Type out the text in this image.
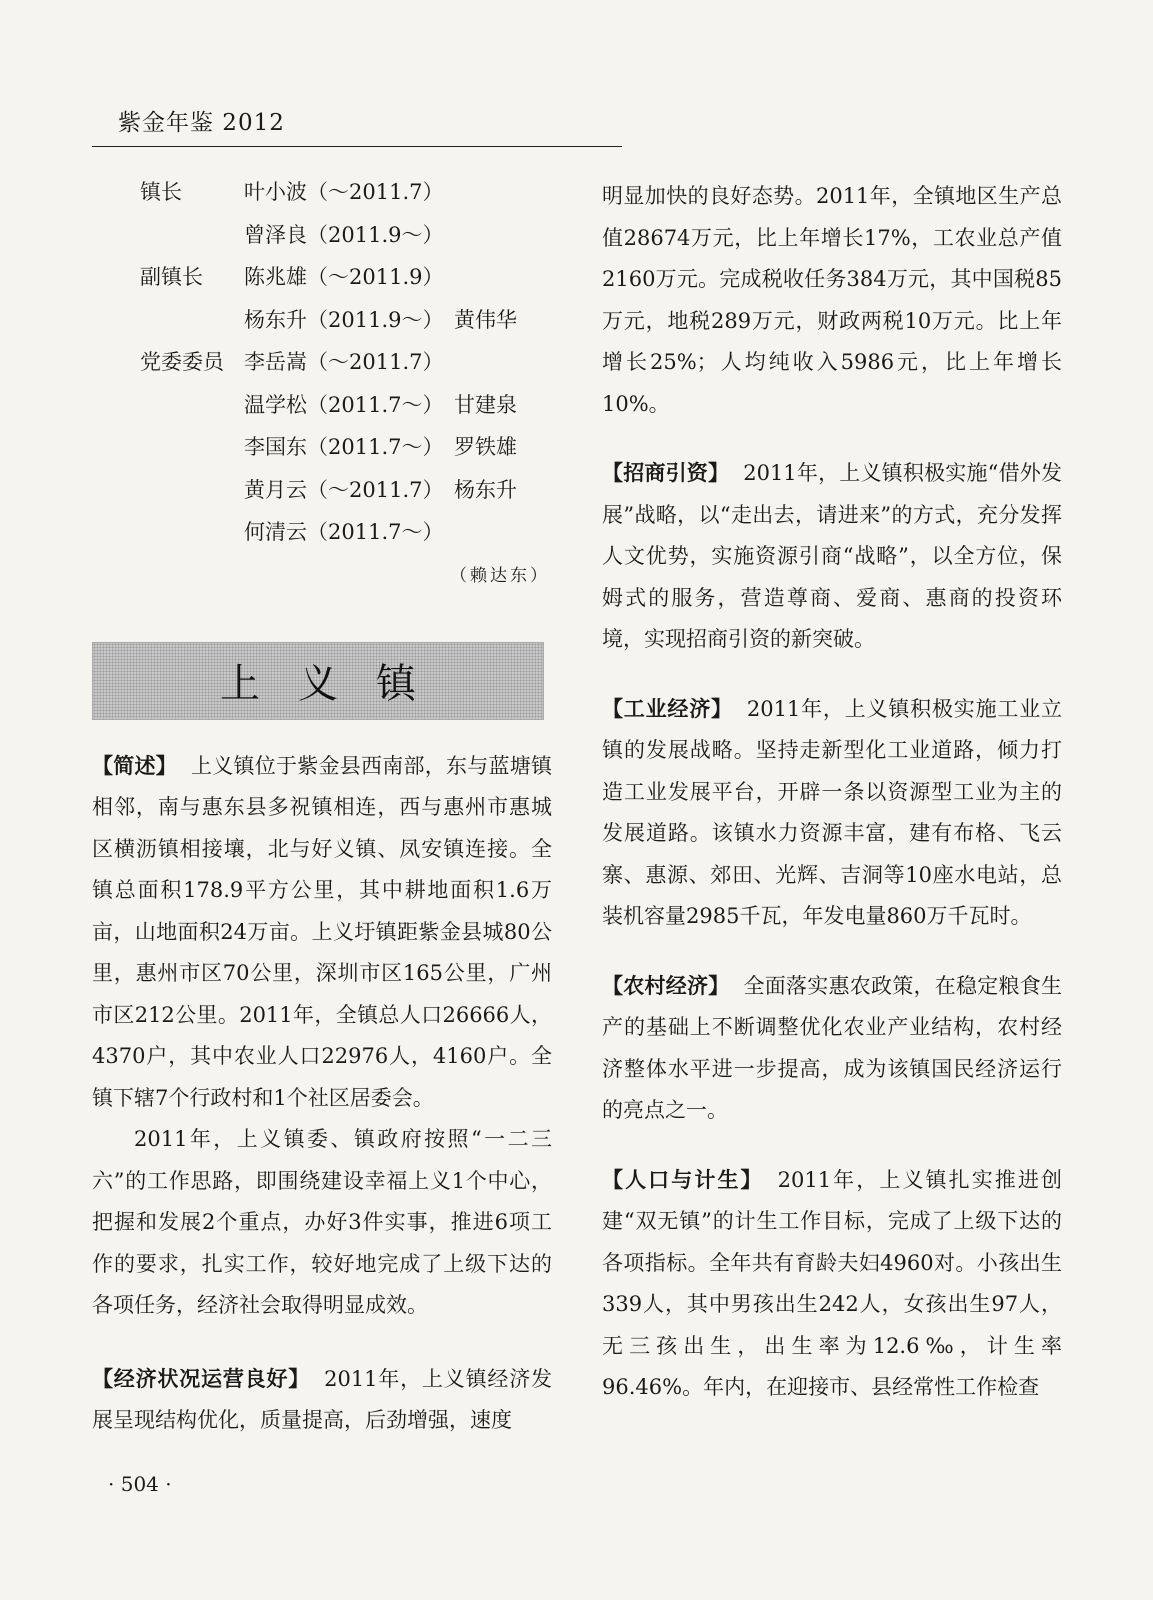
紫金年鉴 2012
镇长	叶小波（～2011.7）
曾泽良（2011.9～）
副镇长 陈兆雄（～2011.9）
杨东升（2011.9～） 黄伟华
党委委员 李岳嵩（～2011.7）
温学松（2011.7～） 甘建泉
李国东（2011.7～） 罗铁雄
黄月云（～2011.7） 杨东升
何清云（2011.7～）
（赖达东）
上义镇

【简述】 上义镇位于紫金县西南部，东与蓝塘镇相邻，南与惠东县多祝镇相连，西与惠州市惠城区横沥镇相接壤，北与好义镇、凤安镇连接。全镇总面积178.9平方公里，其中耕地面积1.6万亩，山地面积24万亩。上义圩镇距紫金县城80公里，惠州市区70公里，深圳市区165公里，广州市区212公里。2011年，全镇总人口26666人，4370户，其中农业人口22976人，4160户。全镇下辖7个行政村和1个社区居委会。

2011年，上义镇委、镇政府按照“一二三六”的工作思路，即围绕建设幸福上义1个中心，把握和发展2个重点，办好3件实事，推进6项工作的要求，扎实工作，较好地完成了上级下达的各项任务，经济社会取得明显成效。

【经济状况运营良好】 2011年，上义镇经济发展呈现结构优化，质量提高，后劲增强，速度

明显加快的良好态势。2011年，全镇地区生产总值28674万元，比上年增长17%，工农业总产值2160万元。完成税收任务384万元，其中国税85万元，地税289万元，财政两税10万元。比上年增长25%；人均纯收入5986元，比上年增长10%。

【招商引资】 2011年，上义镇积极实施“借外发展”战略，以“走出去，请进来”的方式，充分发挥人文优势，实施资源引商“战略”，以全方位，保姆式的服务，营造尊商、爱商、惠商的投资环境，实现招商引资的新突破。

【工业经济】 2011年，上义镇积极实施工业立镇的发展战略。坚持走新型化工业道路，倾力打造工业发展平台，开辟一条以资源型工业为主的发展道路。该镇水力资源丰富，建有布格、飞云寨、惠源、郊田、光辉、吉洞等10座水电站，总装机容量2985千瓦，年发电量860万千瓦时。

【农村经济】 全面落实惠农政策，在稳定粮食生产的基础上不断调整优化农业产业结构，农村经济整体水平进一步提高，成为该镇国民经济运行的亮点之一。

【人口与计生】 2011年，上义镇扎实推进创建“双无镇”的计生工作目标，完成了上级下达的各项指标。全年共有育龄夫妇4960对。小孩出生339人，其中男孩出生242人，女孩出生97人，无三孩出生，出生率为12.6‰，计生率96.46%。年内，在迎接市、县经常性工作检查

· 504 ·
